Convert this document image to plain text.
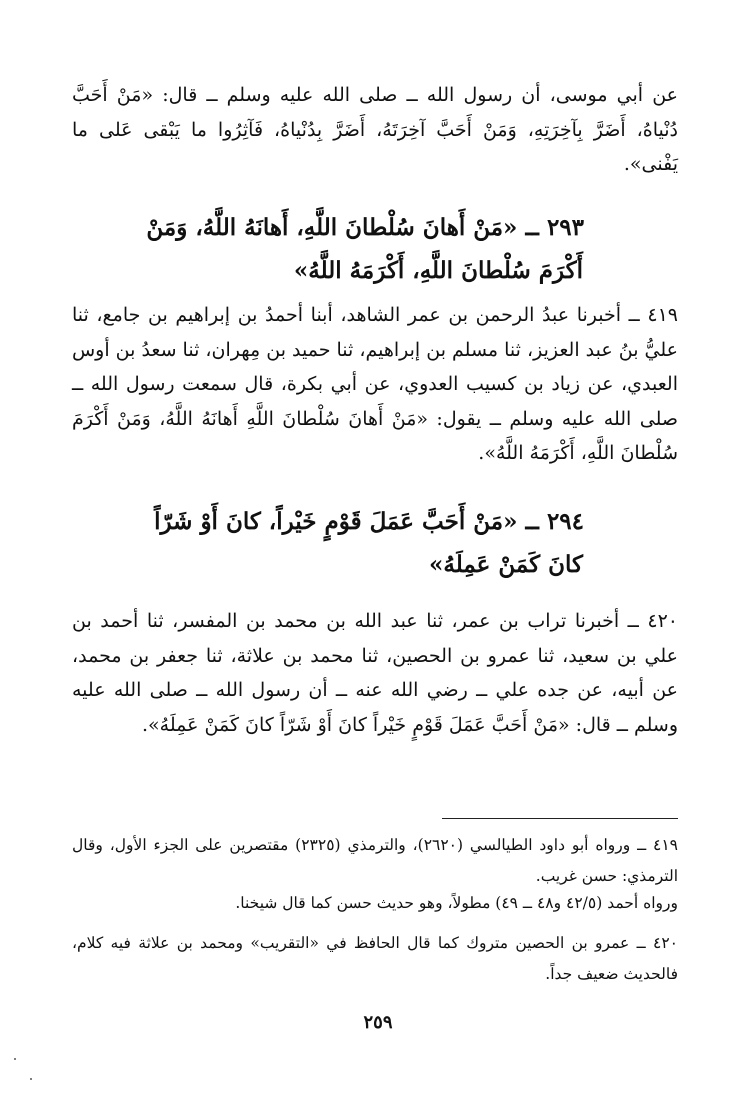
عن أبي موسى، أن رسول الله ــ صلى الله عليه وسلم ــ قال: «مَنْ أَحَبَّ دُنْياهُ، أَضَرَّ بِآخِرَتِهِ، وَمَنْ أَحَبَّ آخِرَتَهُ، أَضَرَّ بِدُنْياهُ، فَآثِرُوا ما يَبْقى عَلى ما يَفْنى».
٢٩٣ ــ «مَنْ أَهانَ سُلْطانَ اللَّهِ، أَهانَهُ اللَّهُ، وَمَنْ
أَكْرَمَ سُلْطانَ اللَّهِ، أَكْرَمَهُ اللَّهُ»
٤١٩ ــ أخبرنا عبدُ الرحمن بن عمر الشاهد، أبنا أحمدُ بن إبراهيم بن جامع، ثنا عليُّ بنُ عبد العزيز، ثنا مسلم بن إبراهيم، ثنا حميد بن مِهران، ثنا سعدُ بن أوس العبدي، عن زياد بن كسيب العدوي، عن أبي بكرة، قال سمعت رسول الله ــ صلى الله عليه وسلم ــ يقول: «مَنْ أَهانَ سُلْطانَ اللَّهِ أَهانَهُ اللَّهُ، وَمَنْ أَكْرَمَ سُلْطانَ اللَّهِ، أَكْرَمَهُ اللَّهُ».
٢٩٤ ــ «مَنْ أَحَبَّ عَمَلَ قَوْمٍ خَيْراً، كانَ أَوْ شَرّاً
كانَ كَمَنْ عَمِلَهُ»
٤٢٠ ــ أخبرنا تراب بن عمر، ثنا عبد الله بن محمد بن المفسر، ثنا أحمد بن علي بن سعيد، ثنا عمرو بن الحصين، ثنا محمد بن علاثة، ثنا جعفر بن محمد، عن أبيه، عن جده علي ــ رضي الله عنه ــ أن رسول الله ــ صلى الله عليه وسلم ــ قال: «مَنْ أَحَبَّ عَمَلَ قَوْمٍ خَيْراً كانَ أَوْ شَرّاً كانَ كَمَنْ عَمِلَهُ».
٤١٩ ــ ورواه أبو داود الطيالسي (٢٦٢٠)، والترمذي (٢٣٢٥) مقتصرين على الجزء الأول، وقال الترمذي: حسن غريب.
ورواه أحمد (٤٢/٥ و٤٨ ــ ٤٩) مطولاً، وهو حديث حسن كما قال شيخنا.
٤٢٠ ــ عمرو بن الحصين متروك كما قال الحافظ في «التقريب» ومحمد بن علاثة فيه كلام، فالحديث ضعيف جداً.
٢٥٩
